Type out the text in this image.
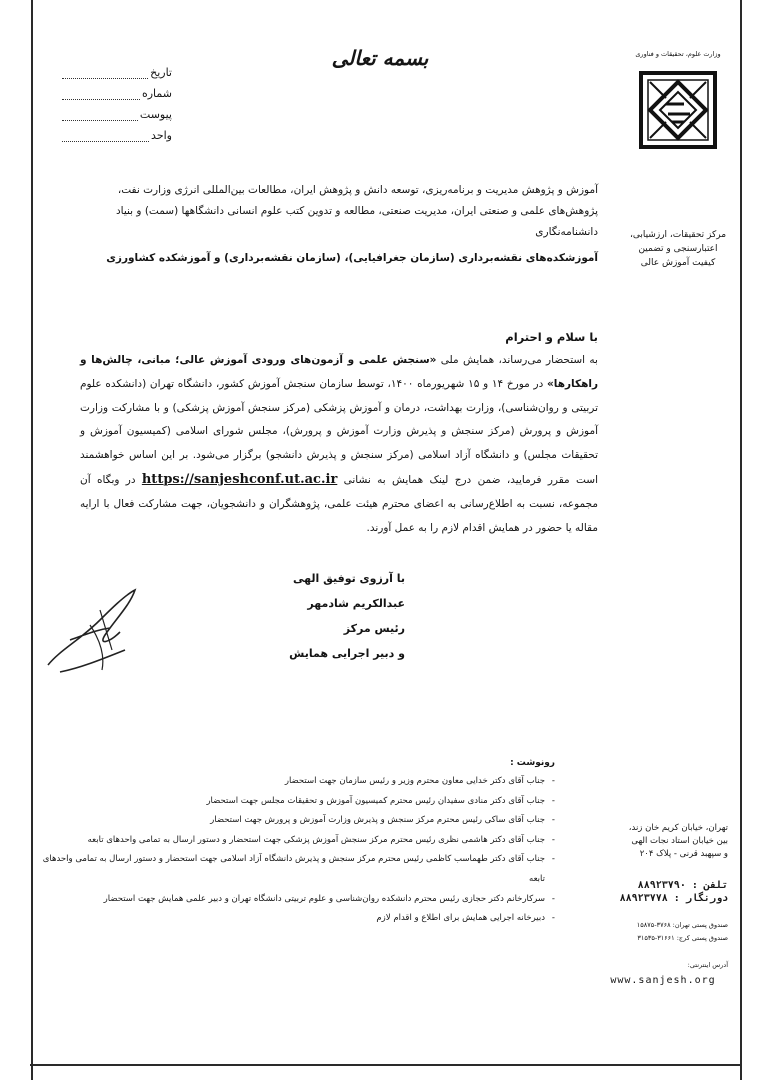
بسمه تعالی
تاریخ
شماره
پیوست
واحد
وزارت علوم، تحقیقات و فناوری
مرکز تحقیقات، ارزشیابی، اعتبارسنجی و تضمین کیفیت آموزش عالی
آموزش و پژوهش مدیریت و برنامه‌ریزی، توسعه دانش و پژوهش ایران، مطالعات بین‌المللی انرژی وزارت نفت، پژوهش‌های علمی و صنعتی ایران، مدیریت صنعتی، مطالعه و تدوین کتب علوم انسانی دانشگاهها (سمت) و بنیاد دانشنامه‌نگاری
آموزشکده‌های نقشه‌برداری (سازمان جغرافیایی)، (سازمان نقشه‌برداری) و آموزشکده کشاورزی
با سلام و احترام
به استحضار می‌رساند، همایش ملی «سنجش علمی و آزمون‌های ورودی آموزش عالی؛ مبانی، چالش‌ها و راهکارها» در مورخ ۱۴ و ۱۵ شهریورماه ۱۴۰۰، توسط سازمان سنجش آموزش کشور، دانشگاه تهران (دانشکده علوم تربیتی و روان‌شناسی)، وزارت بهداشت، درمان و آموزش پزشکی (مرکز سنجش آموزش پزشکی) و با مشارکت وزارت آموزش و پرورش (مرکز سنجش و پذیرش وزارت آموزش و پرورش)، مجلس شورای اسلامی (کمیسیون آموزش و تحقیقات مجلس) و دانشگاه آزاد اسلامی (مرکز سنجش و پذیرش دانشجو) برگزار می‌شود. بر این اساس خواهشمند است مقرر فرمایید، ضمن درج لینک همایش به نشانی https://sanjeshconf.ut.ac.ir در وبگاه آن مجموعه، نسبت به اطلاع‌رسانی به اعضای محترم هیئت علمی، پژوهشگران و دانشجویان، جهت مشارکت فعال با ارایه مقاله یا حضور در همایش اقدام لازم را به عمل آورند.
با آرزوی توفیق الهی
عبدالکریم شادمهر
رئیس مرکز
و دبیر اجرایی همایش
رونوشت :
- جناب آقای دکتر خدایی معاون محترم وزیر و رئیس سازمان جهت استحضار
- جناب آقای دکتر منادی سفیدان رئیس محترم کمیسیون آموزش و تحقیقات مجلس جهت استحضار
- جناب آقای ساکی رئیس محترم مرکز سنجش و پذیرش وزارت آموزش و پرورش جهت استحضار
- جناب آقای دکتر هاشمی نظری رئیس محترم مرکز سنجش آموزش پزشکی جهت استحضار و دستور ارسال به تمامی واحدهای تابعه
- جناب آقای دکتر طهماسب کاظمی رئیس محترم مرکز سنجش و پذیرش دانشگاه آزاد اسلامی جهت استحضار و دستور ارسال به تمامی واحدهای تابعه
- سرکارخانم دکتر حجازی رئیس محترم دانشکده روان‌شناسی و علوم تربیتی دانشگاه تهران و دبیر علمی همایش جهت استحضار
- دبیرخانه اجرایی همایش برای اطلاع و اقدام لازم
تهران، خیابان کریم خان زند،
بین خیابان استاد نجات الهی
و سپهبد قرنی - پلاک ۲۰۴
تلفن : ۸۸۹۲۳۷۹۰
دورنگار : ۸۸۹۲۳۷۷۸
صندوق پستی تهران: ۳۷۶۸-۱۵۸۷۵
صندوق پستی کرج: ۳۱۶۶۱-۳۱۵۳۵
آدرس اینترنتی:
www.sanjesh.org
